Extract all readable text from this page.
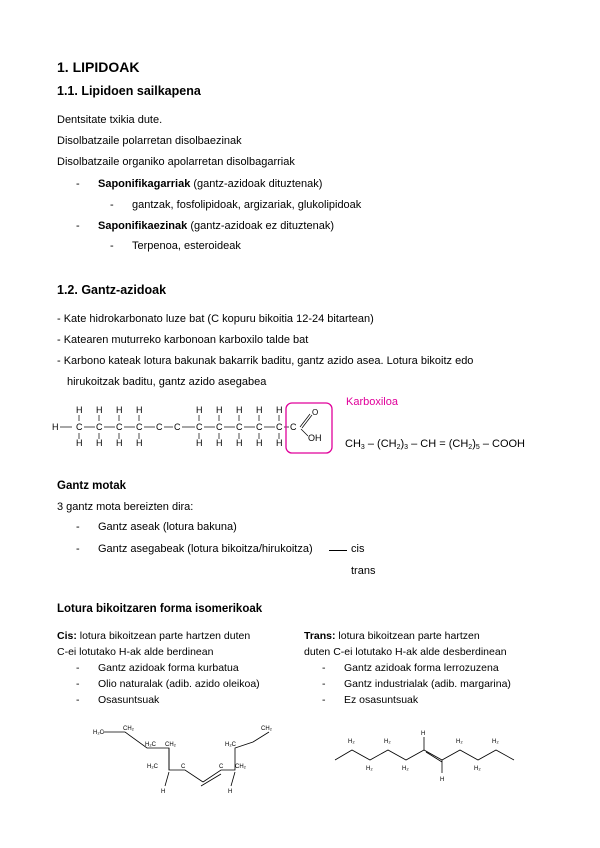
1. LIPIDOAK
1.1. Lipidoen sailkapena
Dentsitate txikia dute.
Disolbatzaile polarretan disolbaezinak
Disolbatzaile organiko apolarretan disolbagarriak
- Saponifikagarriak (gantz-azidoak dituztenak)
- gantzak, fosfolipidoak, argizariak, glukolipidoak
- Saponifikaezinak (gantz-azidoak ez dituztenak)
- Terpenoa, esteroideak
1.2. Gantz-azidoak
- Kate hidrokarbonato luze bat (C kopuru bikoitia 12-24 bitartean)
- Katearen muturreko karbonoan karboxilo talde bat
- Karbono kateak lotura bakunak bakarrik baditu, gantz azido asea. Lotura bikoitz edo
hirukoitzak baditu, gantz azido asegabea
Karboxiloa
H C
H
H
C
H
H
C
H
H
C
H
H
C C C
H
H
C
H
H
C
H
H
C
H
H
C
H
H
C
O
OH $CH_3 - (CH_2)_3$ – CH = $(CH_2)_5$ – COOH
Gantz motak
3 gantz mota bereizten dira:
- Gantz aseak (lotura bakuna)
- Gantz asegabeak (lotura bikoitza/hirukoitza)	cis
trans
Lotura bikoitzaren forma isomerikoak
Cis: lotura bikoitzean parte hartzen duten
C-ei lotutako H-ak alde berdinean
- Gantz azidoak forma kurbatua
- Olio naturalak (adib. azido oleikoa)
- Osasuntsuak
Trans: lotura bikoitzean parte hartzen
duten C-ei lotutako H-ak alde desberdinean
- Gantz azidoak forma lerrozuzena
- Gantz industrialak (adib. margarina)
- Ez osasuntsuak
H₂C
CH₂
H₂C CH₂
H₂C	C	C CH₂
H₂C
CH₂
H	H
H₂
H₂
H₂
H₂
H
H
H₂
H₂
H₂
